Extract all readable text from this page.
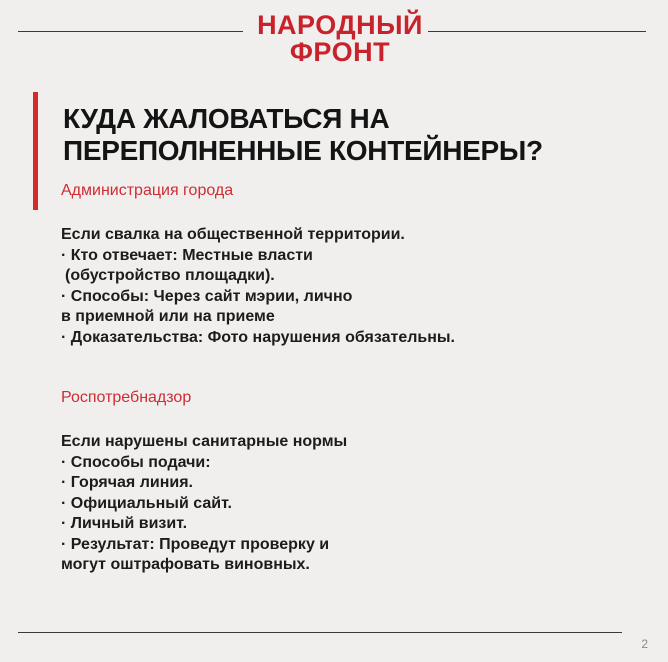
НАРОДНЫЙ
ФРОНТ
КУДА ЖАЛОВАТЬСЯ НА
ПЕРЕПОЛНЕННЫЕ КОНТЕЙНЕРЫ?
Администрация города
Если свалка на общественной территории.
· Кто отвечает: Местные власти
(обустройство площадки).
· Способы: Через сайт мэрии, лично
в приемной или на приеме
· Доказательства: Фото нарушения обязательны.
Роспотребнадзор
Если нарушены санитарные нормы
· Способы подачи:
· Горячая линия.
· Официальный сайт.
· Личный визит.
· Результат: Проведут проверку и
могут оштрафовать виновных.
2
